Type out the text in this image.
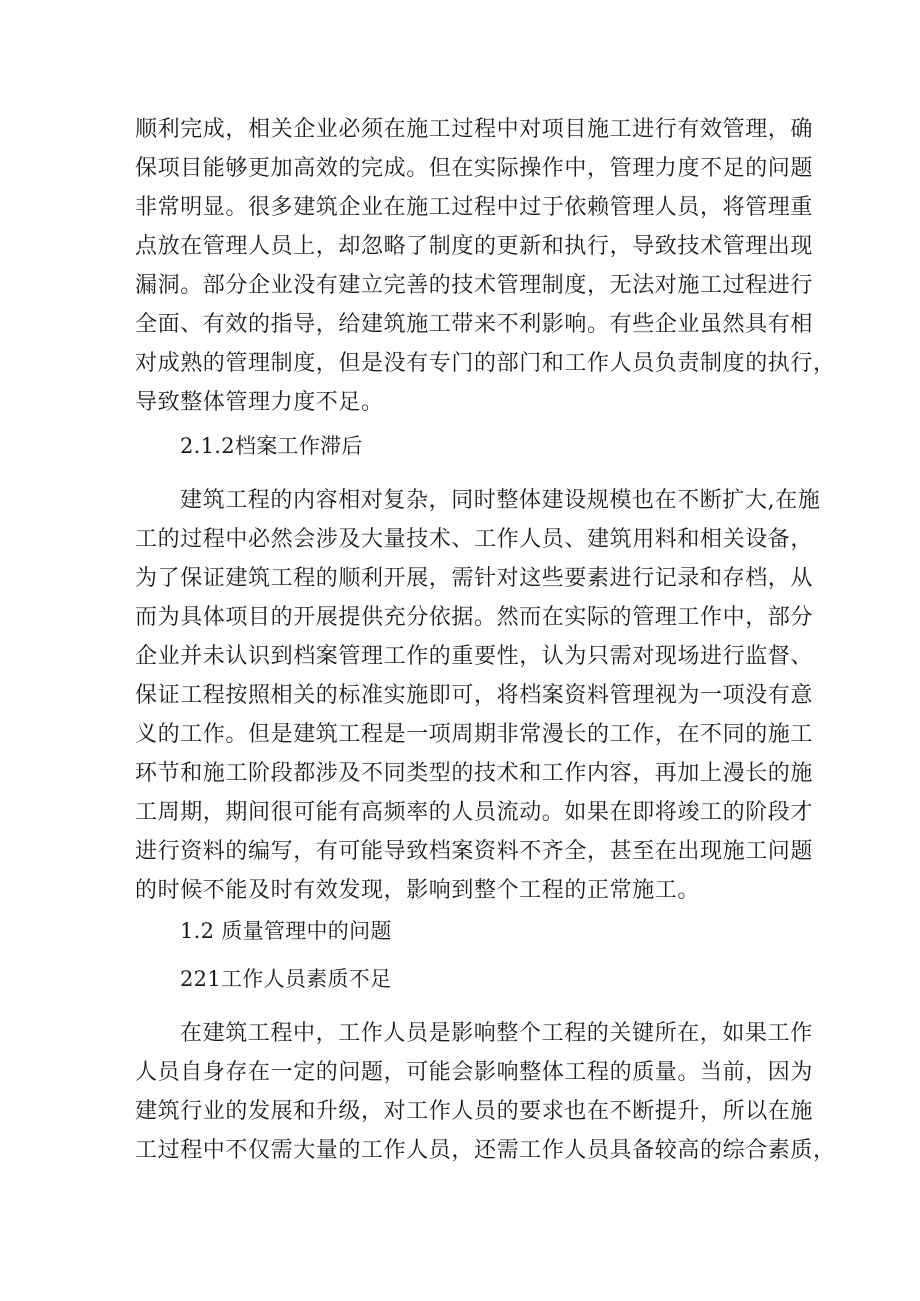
顺利完成，相关企业必须在施工过程中对项目施工进行有效管理，确
保项目能够更加高效的完成。但在实际操作中，管理力度不足的问题
非常明显。很多建筑企业在施工过程中过于依赖管理人员，将管理重
点放在管理人员上，却忽略了制度的更新和执行，导致技术管理出现
漏洞。部分企业没有建立完善的技术管理制度，无法对施工过程进行
全面、有效的指导，给建筑施工带来不利影响。有些企业虽然具有相
对成熟的管理制度，但是没有专门的部门和工作人员负责制度的执行，
导致整体管理力度不足。
2.1.2档案工作滞后
建筑工程的内容相对复杂，同时整体建设规模也在不断扩大,在施
工的过程中必然会涉及大量技术、工作人员、建筑用料和相关设备，
为了保证建筑工程的顺利开展，需针对这些要素进行记录和存档，从
而为具体项目的开展提供充分依据。然而在实际的管理工作中，部分
企业并未认识到档案管理工作的重要性，认为只需对现场进行监督、
保证工程按照相关的标准实施即可，将档案资料管理视为一项没有意
义的工作。但是建筑工程是一项周期非常漫长的工作，在不同的施工
环节和施工阶段都涉及不同类型的技术和工作内容，再加上漫长的施
工周期，期间很可能有高频率的人员流动。如果在即将竣工的阶段才
进行资料的编写，有可能导致档案资料不齐全，甚至在出现施工问题
的时候不能及时有效发现，影响到整个工程的正常施工。
1.2 质量管理中的问题
221工作人员素质不足
在建筑工程中，工作人员是影响整个工程的关键所在，如果工作
人员自身存在一定的问题，可能会影响整体工程的质量。当前，因为
建筑行业的发展和升级，对工作人员的要求也在不断提升，所以在施
工过程中不仅需大量的工作人员，还需工作人员具备较高的综合素质，
